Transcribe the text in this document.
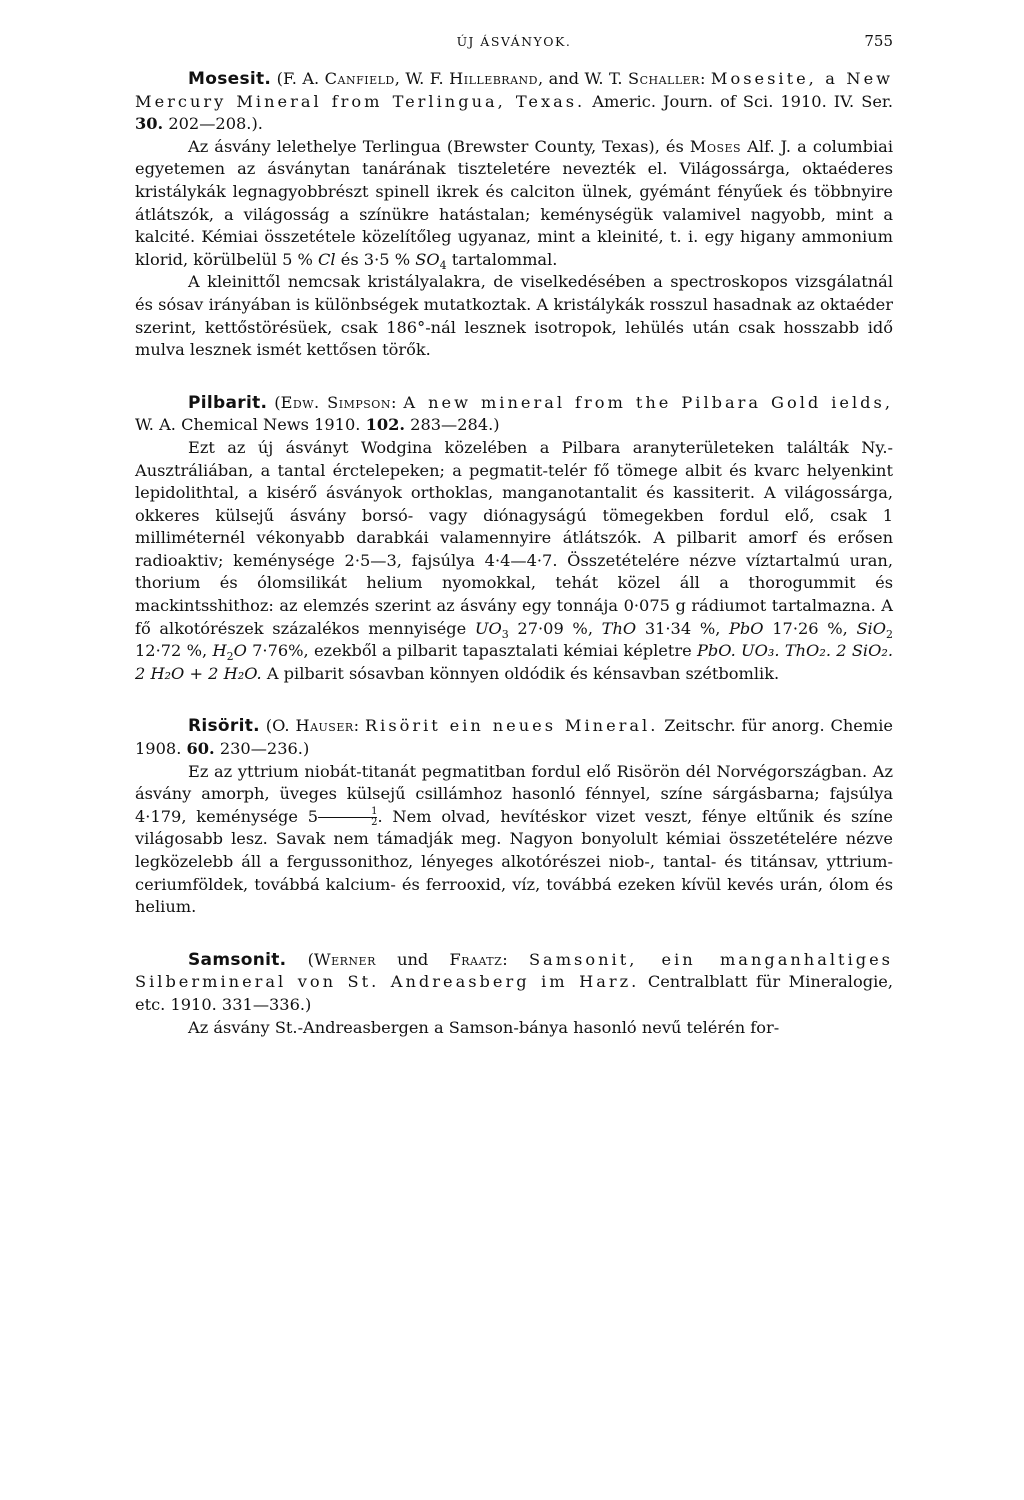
ÚJ ÁSVÁNYOK.	755

Mosesit. (F. A. Canfield, W. F. Hillebrand, and W. T. Schaller: Mosesite, a New Mercury Mineral from Terlingua, Texas. Americ. Journ. of Sci. 1910. IV. Ser. 30. 202—208.).

Az ásvány lelethelye Terlingua (Brewster County, Texas), és Moses Alf. J. a columbiai egyetemen az ásványtan tanárának tiszteletére nevezték el. Világossárga, oktaéderes kristálykák legnagyobbrészt spinell ikrek és calciton ülnek, gyémánt fényűek és többnyire átlátszók, a világosság a színükre hatástalan; keménységük valamivel nagyobb, mint a kalcité. Kémiai összetétele közelítőleg ugyanaz, mint a kleinité, t. i. egy higany ammonium klorid, körülbelül 5 % Cl és 3·5 % $SO_4$ tartalommal.

A kleinittől nemcsak kristályalakra, de viselkedésében a spectroskopos vizsgálatnál és sósav irányában is különbségek mutatkoztak. A kristálykák rosszul hasadnak az oktaéder szerint, kettőstörésüek, csak 186°-nál lesznek isotropok, lehülés után csak hosszabb idő mulva lesznek ismét kettősen törők.

Pilbarit. (Edw. Simpson: A new mineral from the Pilbara Gold ields, W. A. Chemical News 1910. 102. 283—284.)

Ezt az új ásványt Wodgina közelében a Pilbara aranyterületeken találták Ny.-Ausztráliában, a tantal érctelepeken; a pegmatit-telér fő tömege albit és kvarc helyenkint lepidolithtal, a kisérő ásványok orthoklas, manganotantalit és kassiterit. A világossárga, okkeres külsejű ásvány borsó- vagy diónagyságú tömegekben fordul elő, csak 1 milliméternél vékonyabb darabkái valamennyire átlátszók. A pilbarit amorf és erősen radioaktiv; keménysége 2·5—3, fajsúlya 4·4—4·7. Összetételére nézve víztartalmú uran, thorium és ólomsilikát helium nyomokkal, tehát közel áll a thorogummit és mackintsshithoz: az elemzés szerint az ásvány egy tonnája 0·075 g rádiumot tartalmazna. A fő alkotórészek százalékos mennyisége $UO_3$ 27·09 %, ThO 31·34 %, PbO 17·26 %, SiO$_2$ 12·72 %, $H_2O$ 7·76%, ezekből a pilbarit tapasztalati kémiai képletre PbO. UO₃. ThO₂. 2 SiO₂. 2 H₂O + 2 H₂O. A pilbarit sósavban könnyen oldódik és kénsavban szétbomlik.

Risörit. (O. Hauser: Risörit ein neues Mineral. Zeitschr. für anorg. Chemie 1908. 60. 230—236.)

Ez az yttrium niobát-titanát pegmatitban fordul elő Risörön dél Norvégországban. Az ásvány amorph, üveges külsejű csillámhoz hasonló fénnyel, színe sárgásbarna; fajsúlya 4·179, keménysége $5 \frac{1}{2}$ . Nem olvad, hevítéskor vizet veszt, fénye eltűnik és színe világosabb lesz. Savak nem támadják meg. Nagyon bonyolult kémiai összetételére nézve legközelebb áll a fergussonithoz, lényeges alkotórészei niob-, tantal- és titánsav, yttrium-ceriumföldek, továbbá kalcium- és ferrooxid, víz, továbbá ezeken kívül kevés urán, ólom és helium.

Samsonit. (Werner und Fraatz: Samsonit, ein manganhaltiges Silbermineral von St. Andreasberg im Harz. Centralblatt für Mineralogie, etc. 1910. 331—336.)

Az ásvány St.-Andreasbergen a Samson-bánya hasonló nevű telérén for-
